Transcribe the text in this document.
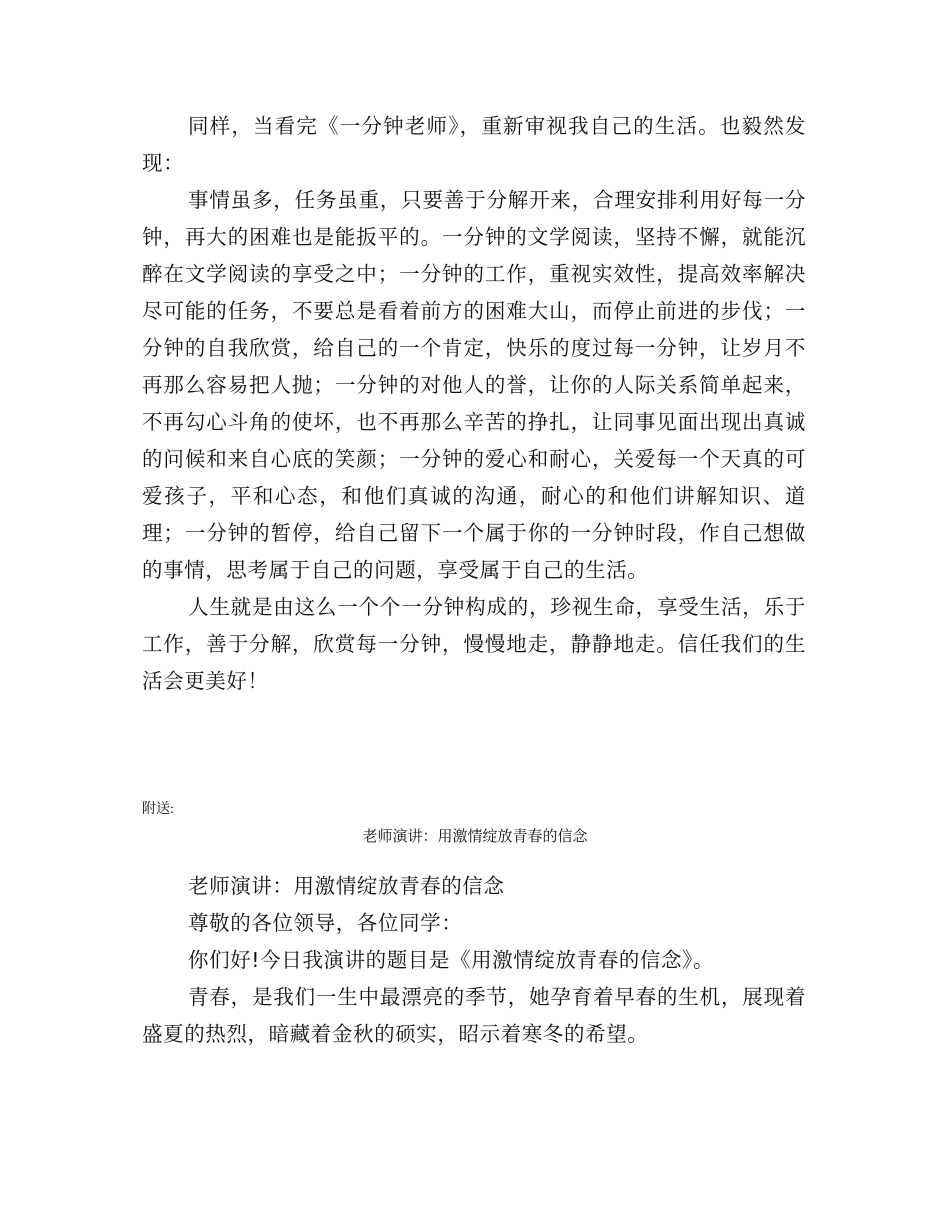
同样，当看完《一分钟老师》，重新审视我自己的生活。也毅然发现：

事情虽多，任务虽重，只要善于分解开来，合理安排利用好每一分钟，再大的困难也是能扳平的。一分钟的文学阅读，坚持不懈，就能沉醉在文学阅读的享受之中；一分钟的工作，重视实效性，提高效率解决尽可能的任务，不要总是看着前方的困难大山，而停止前进的步伐；一分钟的自我欣赏，给自己的一个肯定，快乐的度过每一分钟，让岁月不再那么容易把人抛；一分钟的对他人的誉，让你的人际关系简单起来，不再勾心斗角的使坏，也不再那么辛苦的挣扎，让同事见面出现出真诚的问候和来自心底的笑颜；一分钟的爱心和耐心，关爱每一个天真的可爱孩子，平和心态，和他们真诚的沟通，耐心的和他们讲解知识、道理；一分钟的暂停，给自己留下一个属于你的一分钟时段，作自己想做的事情，思考属于自己的问题，享受属于自己的生活。

人生就是由这么一个个一分钟构成的，珍视生命，享受生活，乐于工作，善于分解，欣赏每一分钟，慢慢地走，静静地走。信任我们的生活会更美好！

附送:

老师演讲：用激情绽放青春的信念

老师演讲：用激情绽放青春的信念

尊敬的各位领导，各位同学：

你们好!今日我演讲的题目是《用激情绽放青春的信念》。

青春，是我们一生中最漂亮的季节，她孕育着早春的生机，展现着盛夏的热烈，暗藏着金秋的硕实，昭示着寒冬的希望。
